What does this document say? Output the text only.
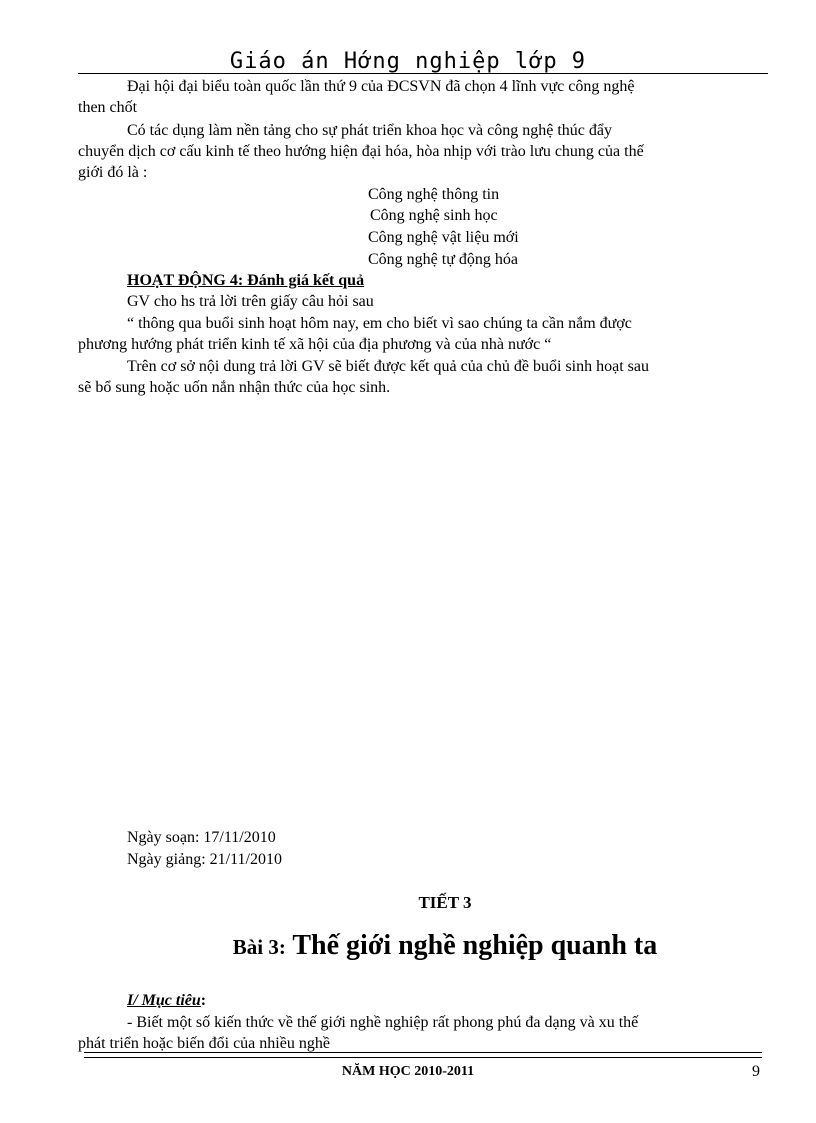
Giáo án Hớng nghiệp lớp 9
Đại hội đại biểu toàn quốc lần thứ 9 của ĐCSVN đã chọn 4 lĩnh vực công nghệ
then chốt
Có tác dụng làm nền tảng cho sự phát triển khoa học và công nghệ thúc đẩy
chuyển dịch cơ cấu kinh tế theo hướng hiện đại hóa, hòa nhịp với trào lưu chung của thế
giới đó là :
Công nghệ thông tin
Công nghệ sinh học
Công nghệ vật liệu mới
Công nghệ tự động hóa
HOẠT ĐỘNG 4: Đánh giá kết quả
GV cho hs trả lời trên giấy câu hỏi sau
“ thông qua buổi sinh hoạt hôm nay, em cho biết vì sao chúng ta cần nắm được
phương hướng phát triển kinh tế xã hội của địa phương và của nhà nước “
Trên cơ sở nội dung trả lời GV sẽ biết được kết quả của chủ đề buổi sinh hoạt sau
sẽ bổ sung hoặc uốn nắn nhận thức của học sinh.
Ngày soạn: 17/11/2010
Ngày giảng: 21/11/2010
TIẾT 3
Bài 3: Thế giới nghề nghiệp quanh ta
I/ Mục tiêu:
- Biết một số kiến thức về thế giới nghề nghiệp rất phong phú đa dạng và xu thế
phát triển hoặc biến đổi của nhiều nghề
NĂM HỌC 2010-2011	9
